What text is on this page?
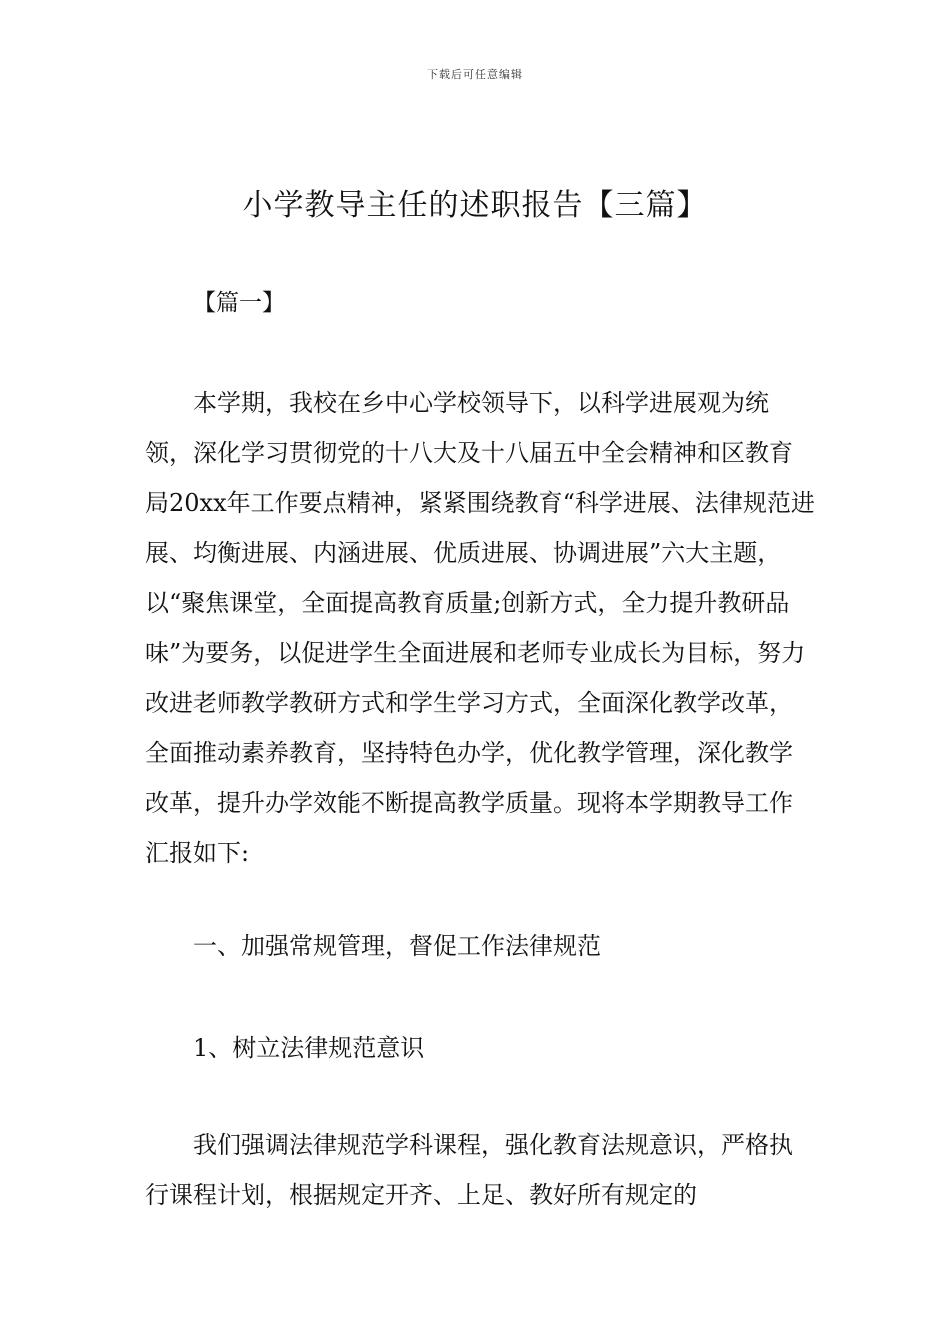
下载后可任意编辑
小学教导主任的述职报告【三篇】
【篇一】

本学期，我校在乡中心学校领导下，以科学进展观为统领，深化学习贯彻党的十八大及十八届五中全会精神和区教育局20xx年工作要点精神，紧紧围绕教育“科学进展、法律规范进展、均衡进展、内涵进展、优质进展、协调进展”六大主题，以“聚焦课堂，全面提高教育质量;创新方式，全力提升教研品味”为要务，以促进学生全面进展和老师专业成长为目标，努力改进老师教学教研方式和学生学习方式，全面深化教学改革，全面推动素养教育，坚持特色办学，优化教学管理，深化教学改革，提升办学效能不断提高教学质量。现将本学期教导工作汇报如下:

一、加强常规管理，督促工作法律规范

1、树立法律规范意识

我们强调法律规范学科课程，强化教育法规意识，严格执行课程计划，根据规定开齐、上足、教好所有规定的
